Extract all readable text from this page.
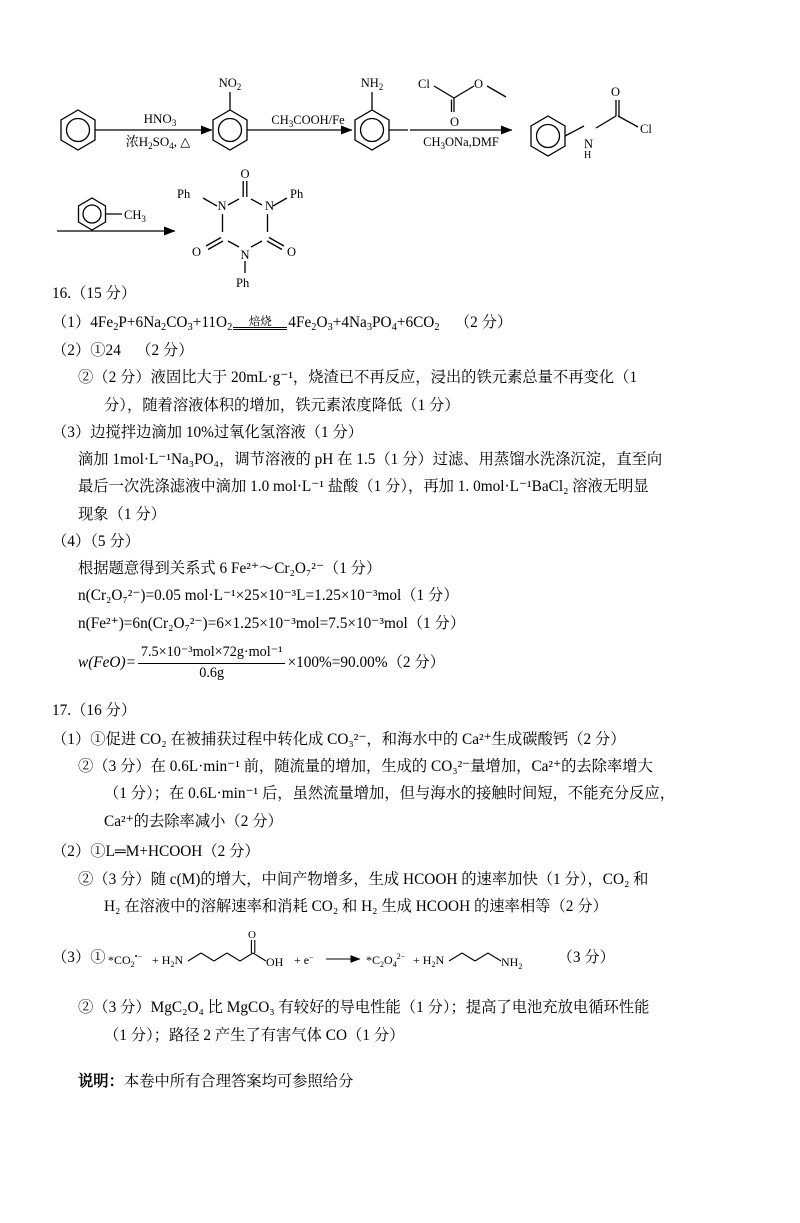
$HNO_3$
浓$H_2SO_4$, △
$NO_2$
$CH_3COOH/Fe$
$NH_2$
$CH_3ONa,DMF$
Cl
O
O
N
H
O
Cl
$CH_3$
N	N
N
O
O	O
Ph	Ph
Ph
16.（15 分）
$(1)4Fe_2P+6Na_2CO_3+11O_2$	焙烧	$4Fe_2O_3+4Na_3PO_4+6CO_2$ （2 分）
（2）①24 （2 分）
②（2 分）液固比大于 20mL·g⁻¹，烧渣已不再反应，浸出的铁元素总量不再变化（1
分），随着溶液体积的增加，铁元素浓度降低（1 分）
（3）边搅拌边滴加 10%过氧化氢溶液（1 分）
滴加 1mol·L⁻¹Na₃PO₄，调节溶液的 pH 在 1.5（1 分）过滤、用蒸馏水洗涤沉淀，直至向
最后一次洗涤滤液中滴加 1.0 mol·L⁻¹ 盐酸（1 分），再加 1. 0mol·L⁻¹BaCl₂ 溶液无明显
现象（1 分）
（4）（5 分）
根据题意得到关系式 6 Fe²⁺～Cr₂O₇²⁻（1 分）
n(Cr₂O₇²⁻)=0.05 mol·L⁻¹×25×10⁻³L=1.25×10⁻³mol（1 分）
n(Fe²⁺)=6n(Cr₂O₇²⁻)=6×1.25×10⁻³mol=7.5×10⁻³mol（1 分）
$w(FeO)= \frac{\text{7.5×10⁻³mol×72g·mol⁻¹}}{0.6g} \times 100\%=90.00\%(2$ 分）
17.（16 分）
（1）①促进 CO₂ 在被捕获过程中转化成 CO₃²⁻，和海水中的 Ca²⁺生成碳酸钙（2 分）
②（3 分）在 0.6L·min⁻¹ 前，随流量的增加，生成的 CO₃²⁻量增加，Ca²⁺的去除率增大
（1 分）；在 0.6L·min⁻¹ 后，虽然流量增加，但与海水的接触时间短，不能充分反应，
Ca²⁺的去除率减小（2 分）
（2）①L═M+HCOOH（2 分）
②（3 分）随 c(M)的增大，中间产物增多，生成 HCOOH 的速率加快（1 分），CO₂ 和
H₂ 在溶液中的溶解速率和消耗 CO₂ 和 H₂ 生成 HCOOH 的速率相等（2 分）
（3）① $*CO_2^{•-} + H_2N$
O
OH + e−	$*C_2O_4^{2-} + H_2N$	$NH_2$
（3 分）
②（3 分）MgC₂O₄ 比 MgCO₃ 有较好的导电性能（1 分）；提高了电池充放电循环性能
（1 分）；路径 2 产生了有害气体 CO（1 分）
说明：本卷中所有合理答案均可参照给分
